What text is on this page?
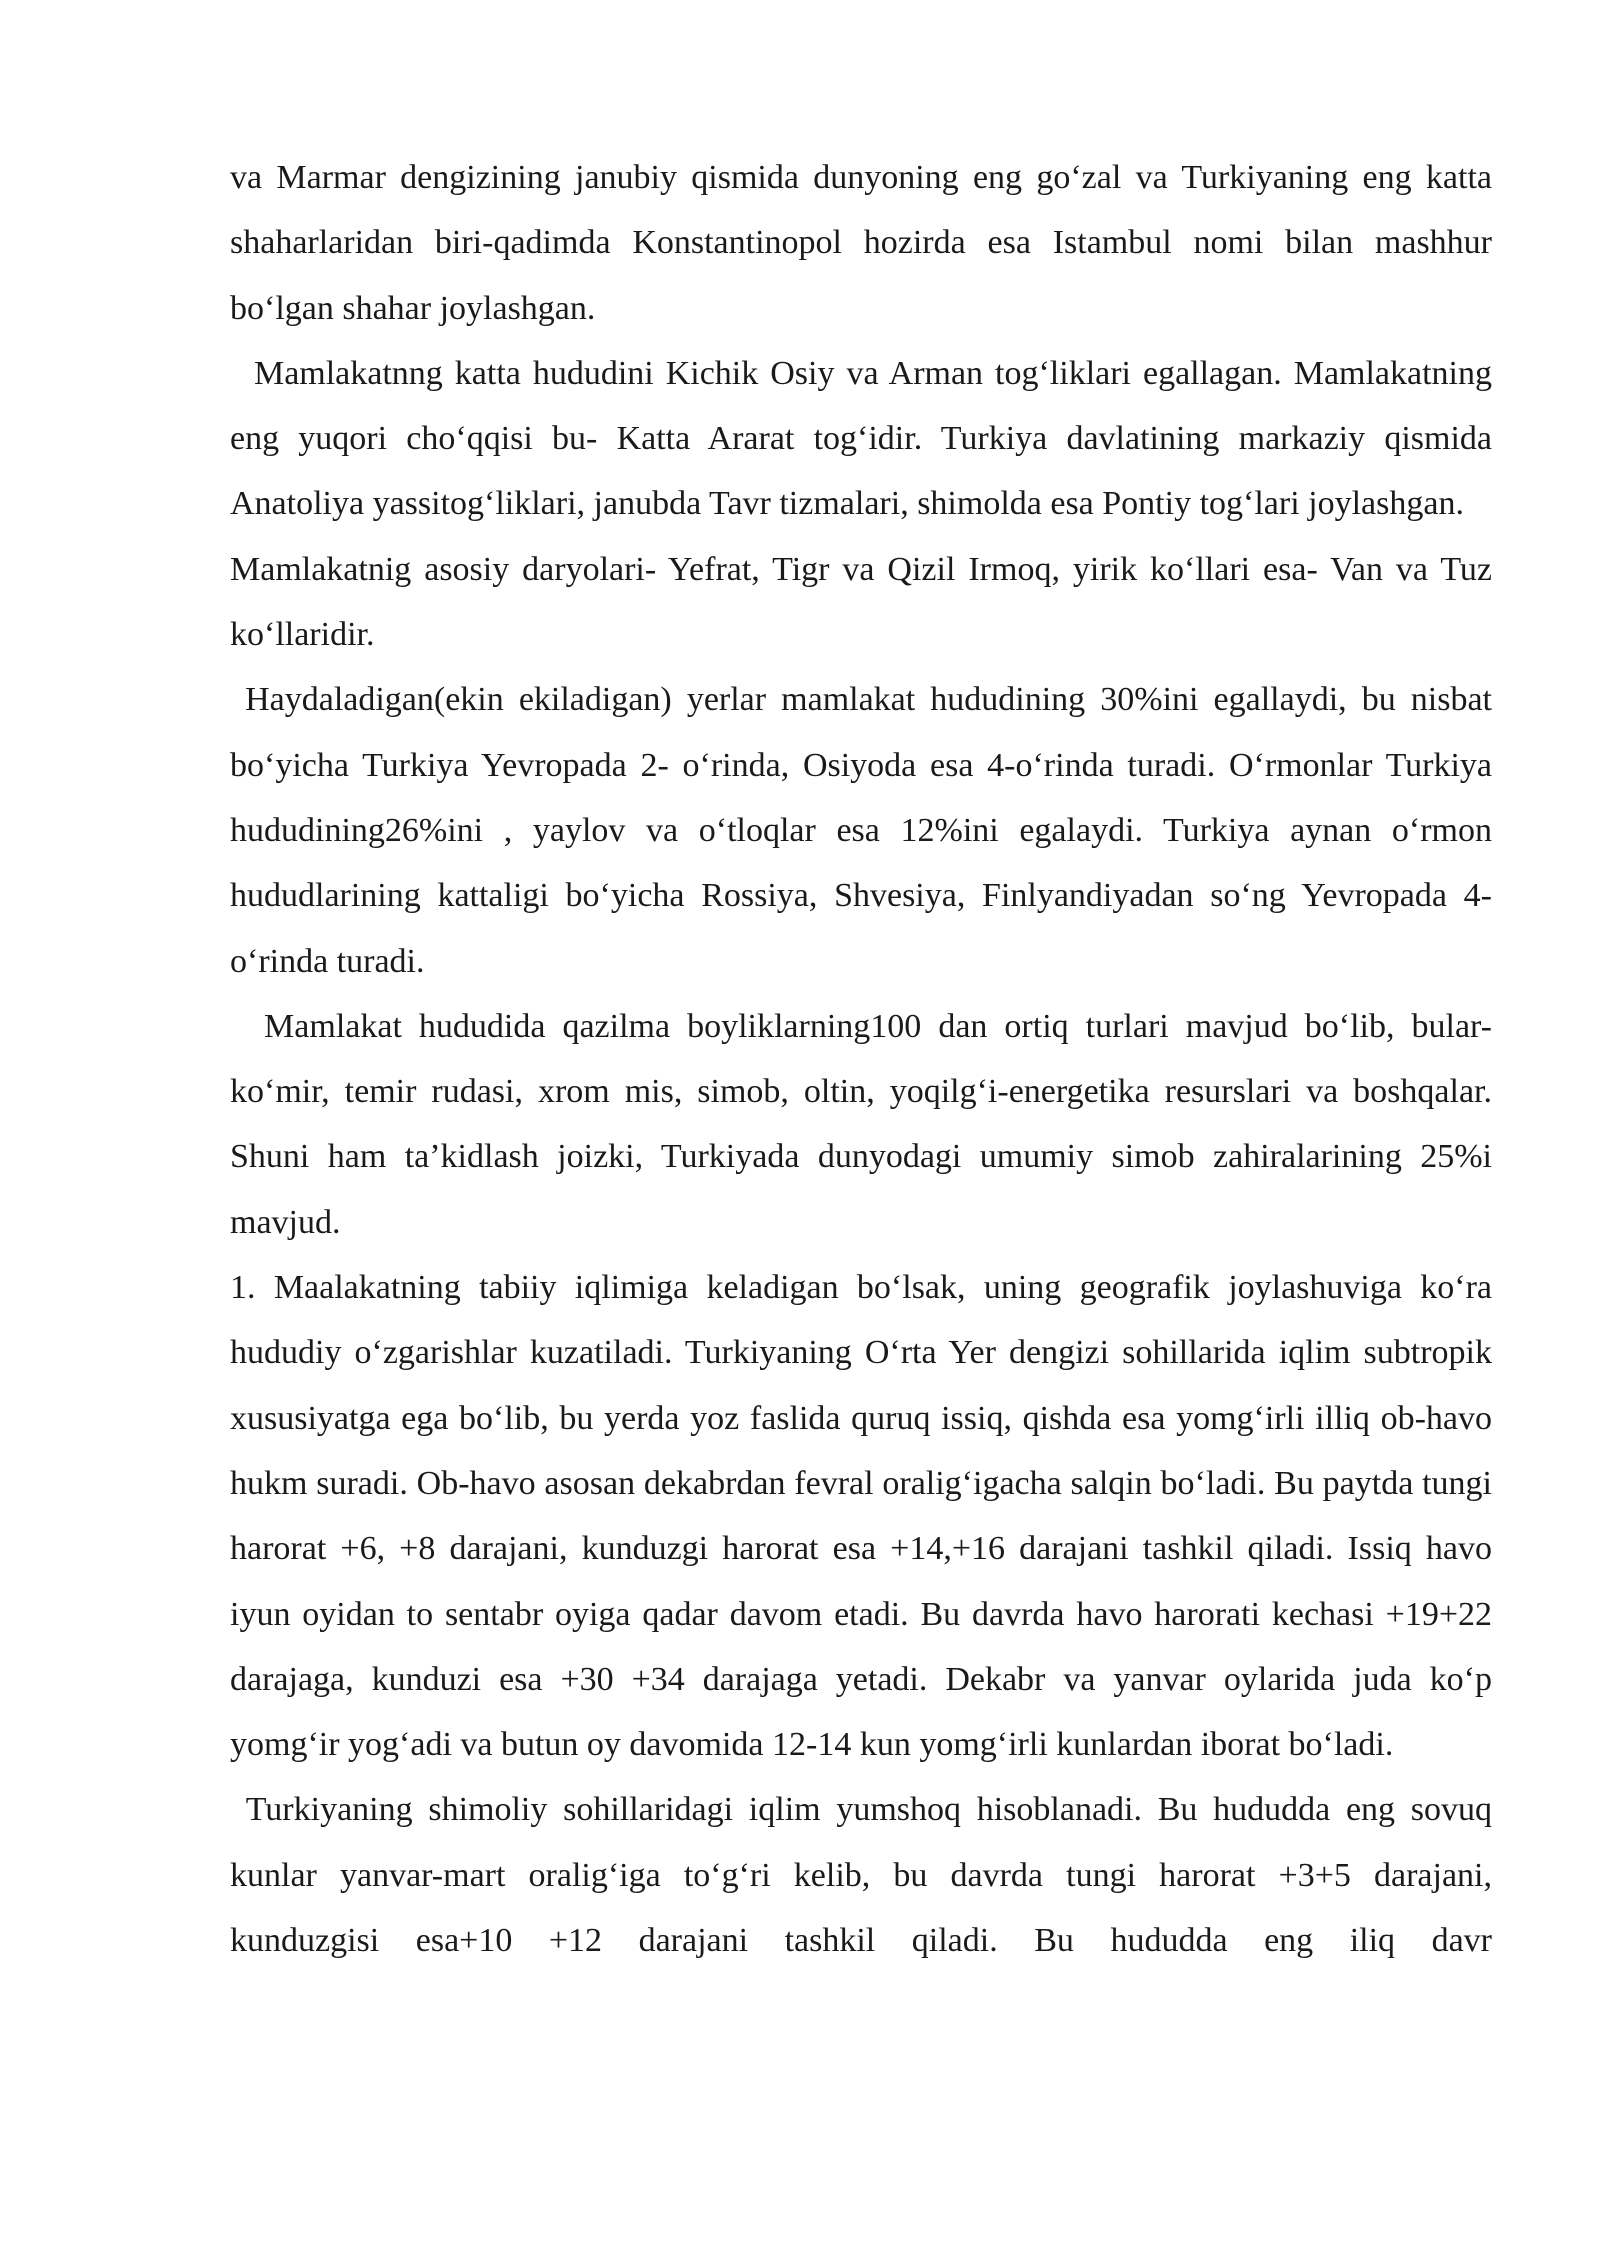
va Marmar dengizining janubiy qismida dunyoning eng go‘zal va Turkiyaning eng katta shaharlaridan biri-qadimda Konstantinopol hozirda esa Istambul nomi bilan mashhur bo‘lgan shahar joylashgan.

Mamlakatnng katta hududini Kichik Osiy va Arman tog‘liklari egallagan. Mamlakatning eng yuqori cho‘qqisi bu- Katta Ararat tog‘idir. Turkiya davlatining markaziy qismida Anatoliya yassitog‘liklari, janubda Tavr tizmalari, shimolda esa Pontiy tog‘lari joylashgan.

Mamlakatnig asosiy daryolari- Yefrat, Tigr va Qizil Irmoq, yirik ko‘llari esa- Van va Tuz ko‘llaridir.

Haydaladigan(ekin ekiladigan) yerlar mamlakat hududining 30%ini egallaydi, bu nisbat bo‘yicha Turkiya Yevropada 2- o‘rinda, Osiyoda esa 4-o‘rinda turadi. O‘rmonlar Turkiya hududining26%ini , yaylov va o‘tloqlar esa 12%ini egalaydi. Turkiya aynan o‘rmon hududlarining kattaligi bo‘yicha Rossiya, Shvesiya, Finlyandiyadan so‘ng Yevropada 4- o‘rinda turadi.

Mamlakat hududida qazilma boyliklarning100 dan ortiq turlari mavjud bo‘lib, bular-ko‘mir, temir rudasi, xrom mis, simob, oltin, yoqilg‘i-energetika resurslari va boshqalar. Shuni ham ta’kidlash joizki, Turkiyada dunyodagi umumiy simob zahiralarining 25%i mavjud.

1. Maalakatning tabiiy iqlimiga keladigan bo‘lsak, uning geografik joylashuviga ko‘ra hududiy o‘zgarishlar kuzatiladi. Turkiyaning O‘rta Yer dengizi sohillarida iqlim subtropik xususiyatga ega bo‘lib, bu yerda yoz faslida quruq issiq, qishda esa yomg‘irli illiq ob-havo hukm suradi. Ob-havo asosan dekabrdan fevral oralig‘igacha salqin bo‘ladi. Bu paytda tungi harorat +6, +8 darajani, kunduzgi harorat esa +14,+16 darajani tashkil qiladi. Issiq havo iyun oyidan to sentabr oyiga qadar davom etadi. Bu davrda havo harorati kechasi +19+22 darajaga, kunduzi esa +30 +34 darajaga yetadi. Dekabr va yanvar oylarida juda ko‘p yomg‘ir yog‘adi va butun oy davomida 12-14 kun yomg‘irli kunlardan iborat bo‘ladi.

Turkiyaning shimoliy sohillaridagi iqlim yumshoq hisoblanadi. Bu hududda eng sovuq kunlar yanvar-mart oralig‘iga to‘g‘ri kelib, bu davrda tungi harorat +3+5 darajani, kunduzgisi esa+10 +12 darajani tashkil qiladi. Bu hududda eng iliq davr
